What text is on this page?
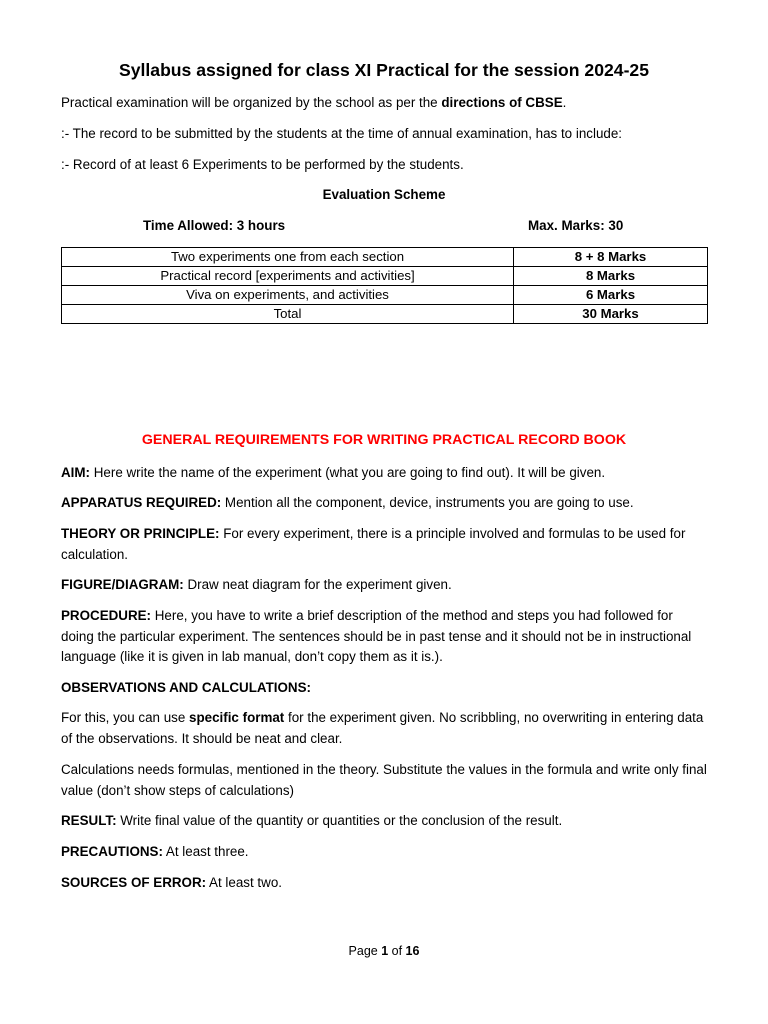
Syllabus assigned for class XI Practical for the session 2024-25
Practical examination will be organized by the school as per the directions of CBSE.
:- The record to be submitted by the students at the time of annual examination, has to include:
:- Record of at least 6 Experiments to be performed by the students.
Evaluation Scheme
Time Allowed: 3 hours	Max. Marks: 30
Two experiments one from each section	8 + 8 Marks
Practical record [experiments and activities]	8 Marks
Viva on experiments, and activities	6 Marks
Total	30 Marks
GENERAL REQUIREMENTS FOR WRITING PRACTICAL RECORD BOOK
AIM: Here write the name of the experiment (what you are going to find out). It will be given.
APPARATUS REQUIRED: Mention all the component, device, instruments you are going to use.
THEORY OR PRINCIPLE: For every experiment, there is a principle involved and formulas to be used for calculation.
FIGURE/DIAGRAM: Draw neat diagram for the experiment given.
PROCEDURE: Here, you have to write a brief description of the method and steps you had followed for doing the particular experiment. The sentences should be in past tense and it should not be in instructional language (like it is given in lab manual, don’t copy them as it is.).
OBSERVATIONS AND CALCULATIONS:
For this, you can use specific format for the experiment given. No scribbling, no overwriting in entering data of the observations. It should be neat and clear.
Calculations needs formulas, mentioned in the theory. Substitute the values in the formula and write only final value (don’t show steps of calculations)
RESULT: Write final value of the quantity or quantities or the conclusion of the result.
PRECAUTIONS: At least three.
SOURCES OF ERROR: At least two.
Page 1 of 16
